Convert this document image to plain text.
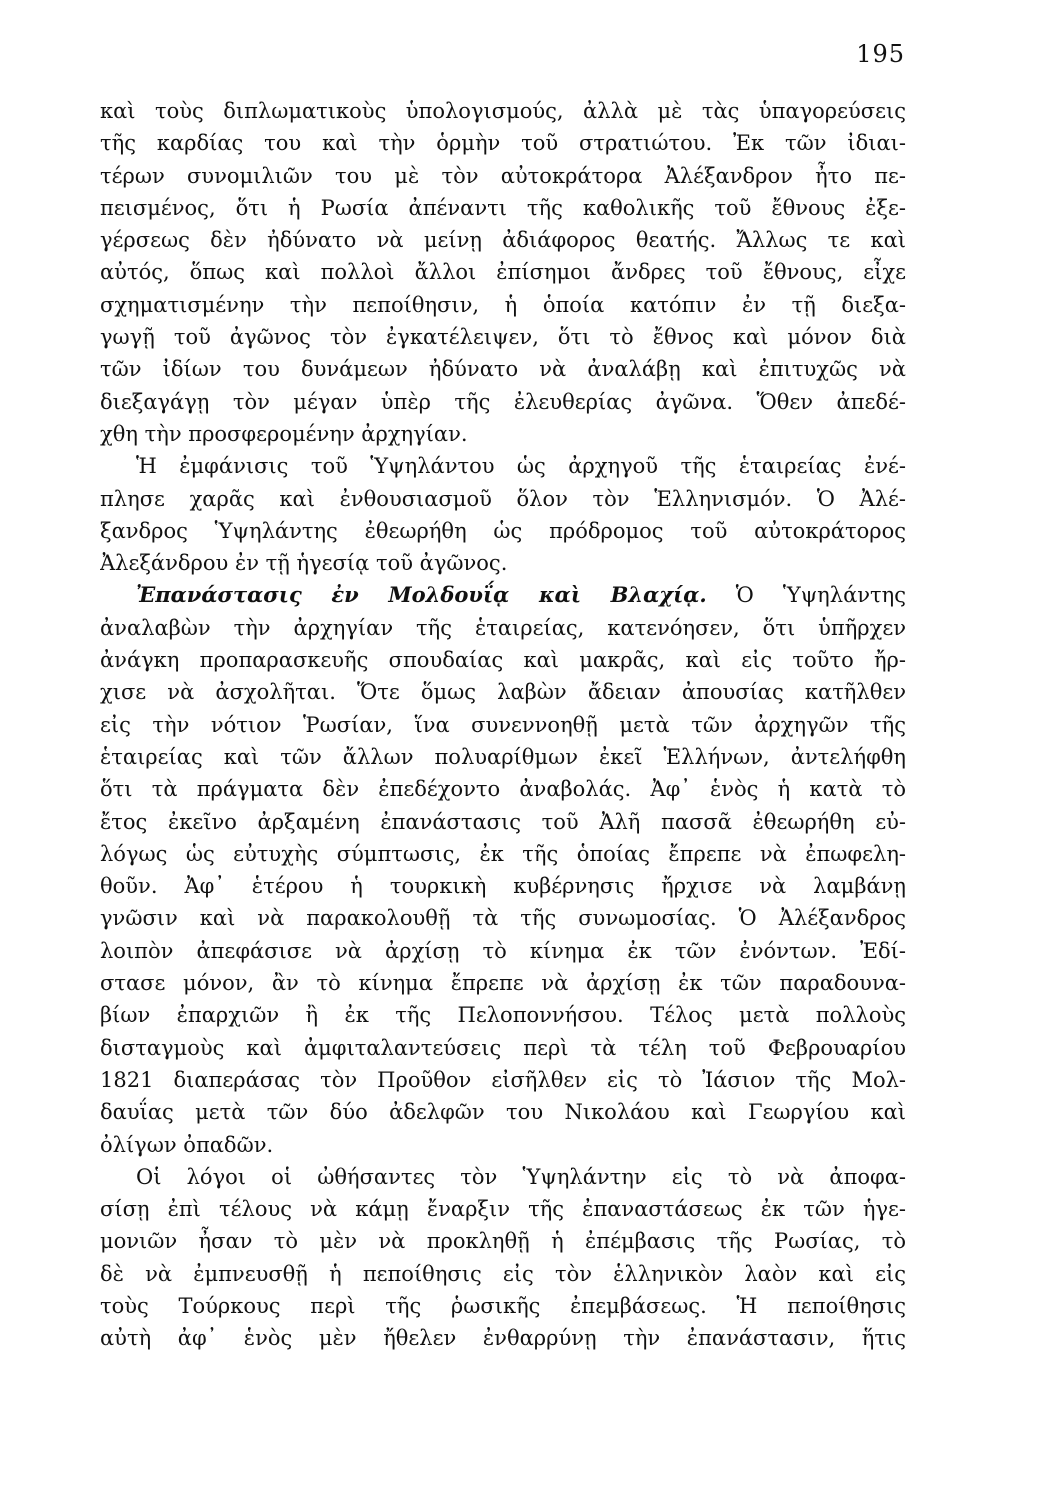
195
καὶ τοὺς διπλωματικοὺς ὑπολογισμούς, ἀλλὰ μὲ τὰς ὑπαγορεύσεις
τῆς καρδίας του καὶ τὴν ὁρμὴν τοῦ στρατιώτου. Ἐκ τῶν ἰδιαι-
τέρων συνομιλιῶν του μὲ τὸν αὐτοκράτορα Ἀλέξανδρον ἦτο πε-
πεισμένος, ὅτι ἡ Ρωσία ἀπέναντι τῆς καθολικῆς τοῦ ἔθνους ἐξε-
γέρσεως δὲν ἠδύνατο νὰ μείνῃ ἀδιάφορος θεατής. Ἄλλως τε καὶ
αὐτός, ὅπως καὶ πολλοὶ ἄλλοι ἐπίσημοι ἄνδρες τοῦ ἔθνους, εἶχε
σχηματισμένην τὴν πεποίθησιν, ἡ ὁποία κατόπιν ἐν τῇ διεξα-
γωγῇ τοῦ ἀγῶνος τὸν ἐγκατέλειψεν, ὅτι τὸ ἔθνος καὶ μόνον διὰ
τῶν ἰδίων του δυνάμεων ἠδύνατο νὰ ἀναλάβῃ καὶ ἐπιτυχῶς νὰ
διεξαγάγῃ τὸν μέγαν ὑπὲρ τῆς ἐλευθερίας ἀγῶνα. Ὅθεν ἀπεδέ-
χθη τὴν προσφερομένην ἀρχηγίαν.
Ἡ ἐμφάνισις τοῦ Ὑψηλάντου ὡς ἀρχηγοῦ τῆς ἑταιρείας ἐνέ-
πλησε χαρᾶς καὶ ἐνθουσιασμοῦ ὅλον τὸν Ἑλληνισμόν. Ὁ Ἀλέ-
ξανδρος Ὑψηλάντης ἐθεωρήθη ὡς πρόδρομος τοῦ αὐτοκράτορος
Ἀλεξάνδρου ἐν τῇ ἡγεσίᾳ τοῦ ἀγῶνος.
Ἐπανάστασις ἐν Μολδουΐᾳ καὶ Βλαχίᾳ. Ὁ Ὑψηλάντης
ἀναλαβὼν τὴν ἀρχηγίαν τῆς ἑταιρείας, κατενόησεν, ὅτι ὑπῆρχεν
ἀνάγκη προπαρασκευῆς σπουδαίας καὶ μακρᾶς, καὶ εἰς τοῦτο ἤρ-
χισε νὰ ἀσχολῆται. Ὅτε ὅμως λαβὼν ἄδειαν ἀπουσίας κατῆλθεν
εἰς τὴν νότιον Ῥωσίαν, ἵνα συνεννοηθῇ μετὰ τῶν ἀρχηγῶν τῆς
ἑταιρείας καὶ τῶν ἄλλων πολυαρίθμων ἐκεῖ Ἑλλήνων, ἀντελήφθη
ὅτι τὰ πράγματα δὲν ἐπεδέχοντο ἀναβολάς. Ἀφ᾽ ἑνὸς ἡ κατὰ τὸ
ἔτος ἐκεῖνο ἀρξαμένη ἐπανάστασις τοῦ Ἀλῆ πασσᾶ ἐθεωρήθη εὐ-
λόγως ὡς εὐτυχὴς σύμπτωσις, ἐκ τῆς ὁποίας ἔπρεπε νὰ ἐπωφελη-
θοῦν. Ἀφ᾽ ἑτέρου ἡ τουρκικὴ κυβέρνησις ἤρχισε νὰ λαμβάνῃ
γνῶσιν καὶ νὰ παρακολουθῇ τὰ τῆς συνωμοσίας. Ὁ Ἀλέξανδρος
λοιπὸν ἀπεφάσισε νὰ ἀρχίσῃ τὸ κίνημα ἐκ τῶν ἐνόντων. Ἐδί-
στασε μόνον, ἂν τὸ κίνημα ἔπρεπε νὰ ἀρχίσῃ ἐκ τῶν παραδουνα-
βίων ἐπαρχιῶν ἢ ἐκ τῆς Πελοποννήσου. Τέλος μετὰ πολλοὺς
δισταγμοὺς καὶ ἀμφιταλαντεύσεις περὶ τὰ τέλη τοῦ Φεβρουαρίου
1821 διαπεράσας τὸν Προῦθον εἰσῆλθεν εἰς τὸ Ἰάσιον τῆς Μολ-
δαυΐας μετὰ τῶν δύο ἀδελφῶν του Νικολάου καὶ Γεωργίου καὶ
ὀλίγων ὀπαδῶν.
Οἱ λόγοι οἱ ὠθήσαντες τὸν Ὑψηλάντην εἰς τὸ νὰ ἀποφα-
σίσῃ ἐπὶ τέλους νὰ κάμῃ ἔναρξιν τῆς ἐπαναστάσεως ἐκ τῶν ἡγε-
μονιῶν ἦσαν τὸ μὲν νὰ προκληθῇ ἡ ἐπέμβασις τῆς Ρωσίας, τὸ
δὲ νὰ ἐμπνευσθῇ ἡ πεποίθησις εἰς τὸν ἑλληνικὸν λαὸν καὶ εἰς
τοὺς Τούρκους περὶ τῆς ῥωσικῆς ἐπεμβάσεως. Ἡ πεποίθησις
αὐτὴ ἀφ᾽ ἑνὸς μὲν ἤθελεν ἐνθαρρύνῃ τὴν ἐπανάστασιν, ἥτις
